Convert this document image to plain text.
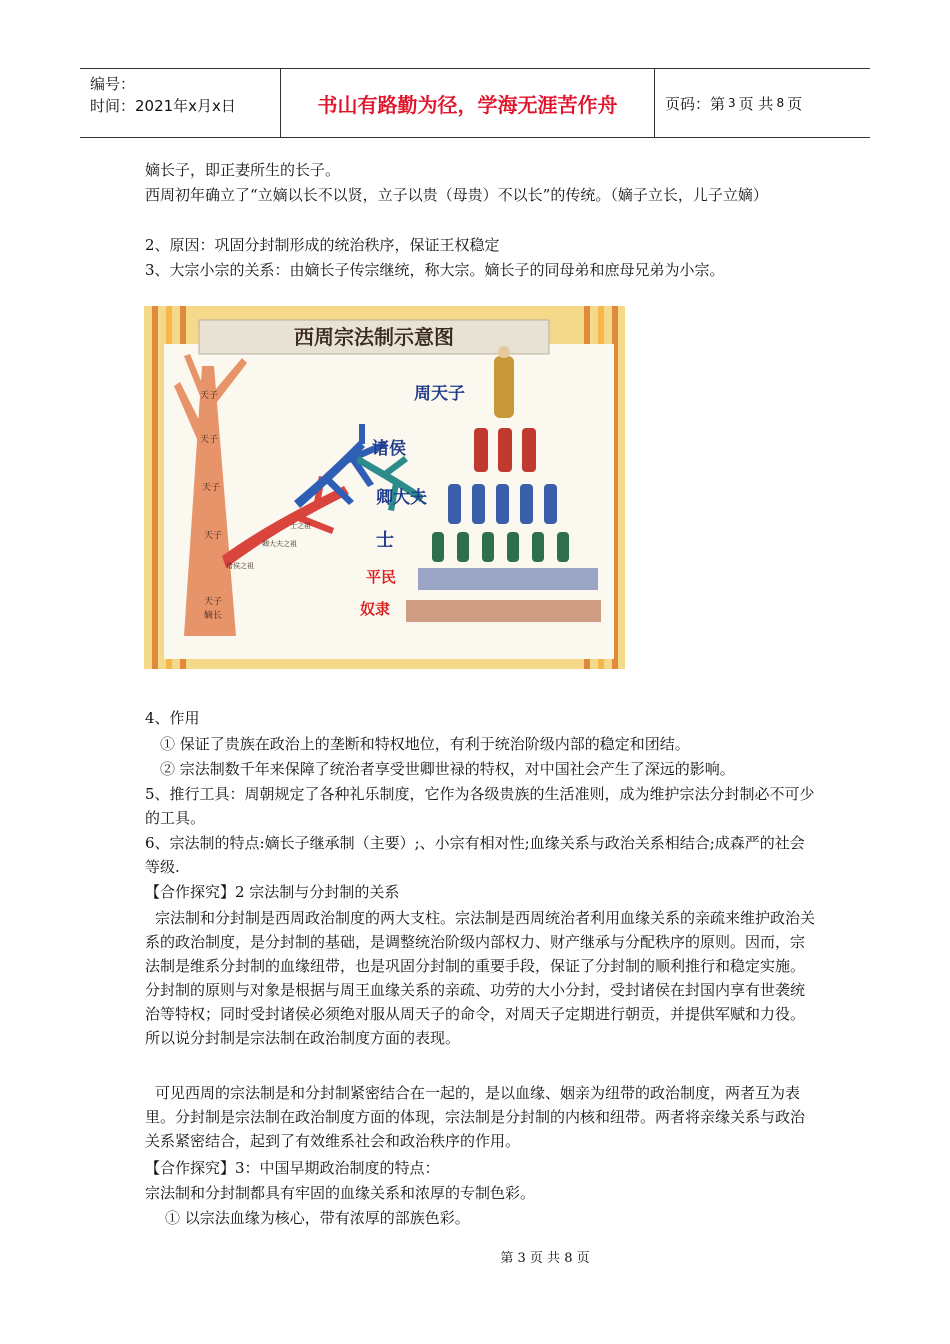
编号：
时间：2021年x月x日	书山有路勤为径，学海无涯苦作舟	页码：第 3 页 共 8 页
嫡长子，即正妻所生的长子。
西周初年确立了“立嫡以长不以贤，立子以贵（母贵）不以长”的传统。（嫡子立长，儿子立嫡）
2、原因：巩固分封制形成的统治秩序，保证王权稳定
3、大宗小宗的关系：由嫡长子传宗继统，称大宗。嫡长子的同母弟和庶母兄弟为小宗。
西周宗法制示意图
天子
天子
天子
天子
天子
嫡长
诸侯之祖
卿大夫之祖
士之祖
周天子
诸侯
卿大夫
士
平民
奴隶
4、作用
① 保证了贵族在政治上的垄断和特权地位，有利于统治阶级内部的稳定和团结。
② 宗法制数千年来保障了统治者享受世卿世禄的特权，对中国社会产生了深远的影响。
5、推行工具：周朝规定了各种礼乐制度，它作为各级贵族的生活准则，成为维护宗法分封制必不可少的工具。
6、宗法制的特点:嫡长子继承制（主要）;、小宗有相对性;血缘关系与政治关系相结合;成森严的社会等级.
【合作探究】2 宗法制与分封制的关系
宗法制和分封制是西周政治制度的两大支柱。宗法制是西周统治者利用血缘关系的亲疏来维护政治关系的政治制度，是分封制的基础，是调整统治阶级内部权力、财产继承与分配秩序的原则。因而，宗法制是维系分封制的血缘纽带，也是巩固分封制的重要手段，保证了分封制的顺利推行和稳定实施。分封制的原则与对象是根据与周王血缘关系的亲疏、功劳的大小分封，受封诸侯在封国内享有世袭统治等特权；同时受封诸侯必须绝对服从周天子的命令，对周天子定期进行朝贡，并提供军赋和力役。所以说分封制是宗法制在政治制度方面的表现。
可见西周的宗法制是和分封制紧密结合在一起的，是以血缘、姻亲为纽带的政治制度，两者互为表里。分封制是宗法制在政治制度方面的体现，宗法制是分封制的内核和纽带。两者将亲缘关系与政治关系紧密结合，起到了有效维系社会和政治秩序的作用。
【合作探究】3：中国早期政治制度的特点：
宗法制和分封制都具有牢固的血缘关系和浓厚的专制色彩。
① 以宗法血缘为核心，带有浓厚的部族色彩。
第 3 页 共 8 页
